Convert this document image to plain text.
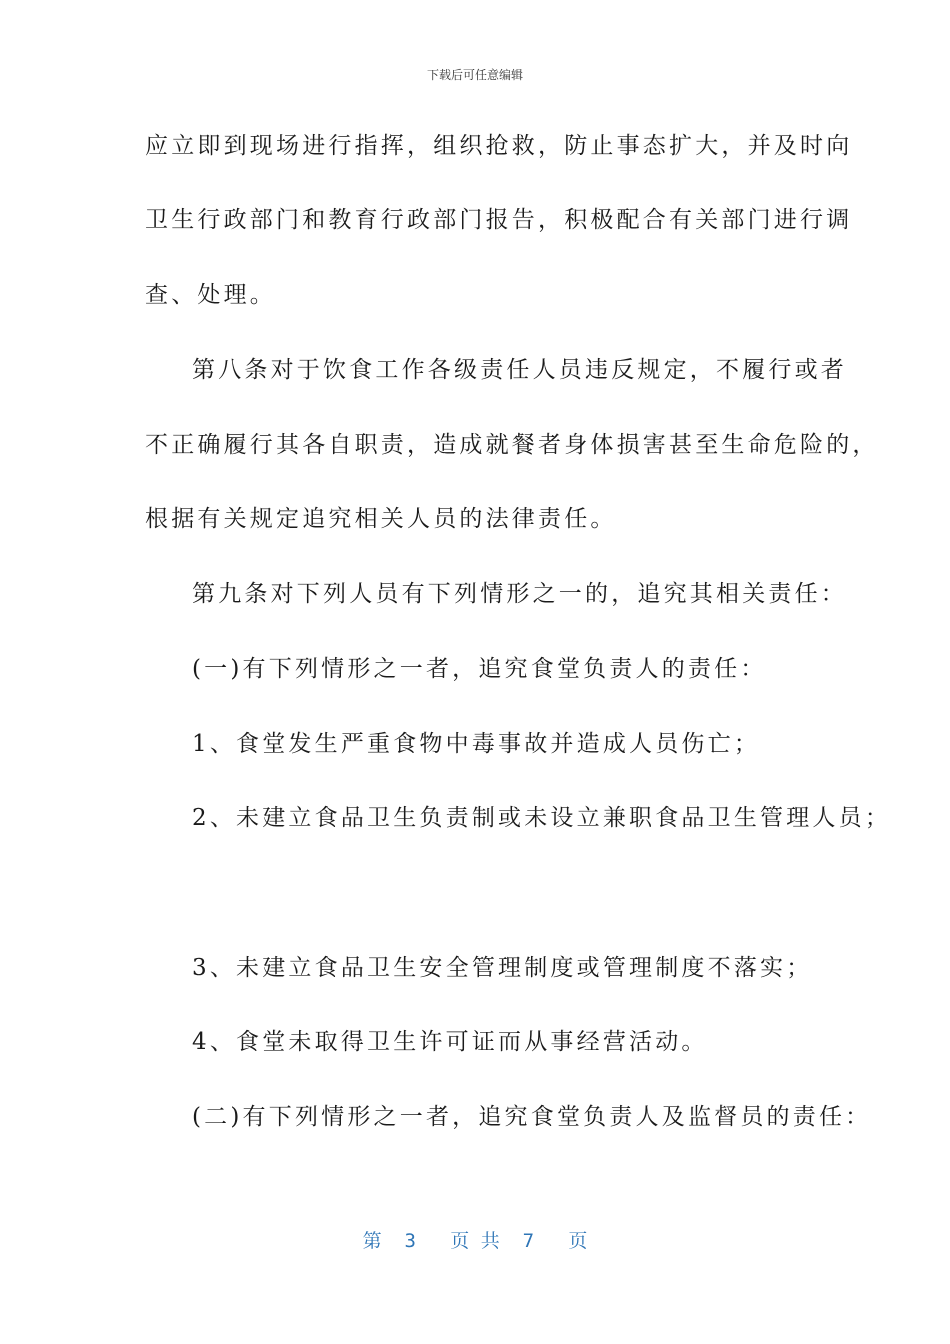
下载后可任意编辑
应立即到现场进行指挥，组织抢救，防止事态扩大，并及时向
卫生行政部门和教育行政部门报告，积极配合有关部门进行调
查、处理。
第八条对于饮食工作各级责任人员违反规定，不履行或者
不正确履行其各自职责，造成就餐者身体损害甚至生命危险的，
根据有关规定追究相关人员的法律责任。
第九条对下列人员有下列情形之一的，追究其相关责任：
(一)有下列情形之一者，追究食堂负责人的责任：
1、食堂发生严重食物中毒事故并造成人员伤亡；
2、未建立食品卫生负责制或未设立兼职食品卫生管理人员；
3、未建立食品卫生安全管理制度或管理制度不落实；
4、食堂未取得卫生许可证而从事经营活动。
(二)有下列情形之一者，追究食堂负责人及监督员的责任：
第  3   页 共  7   页
